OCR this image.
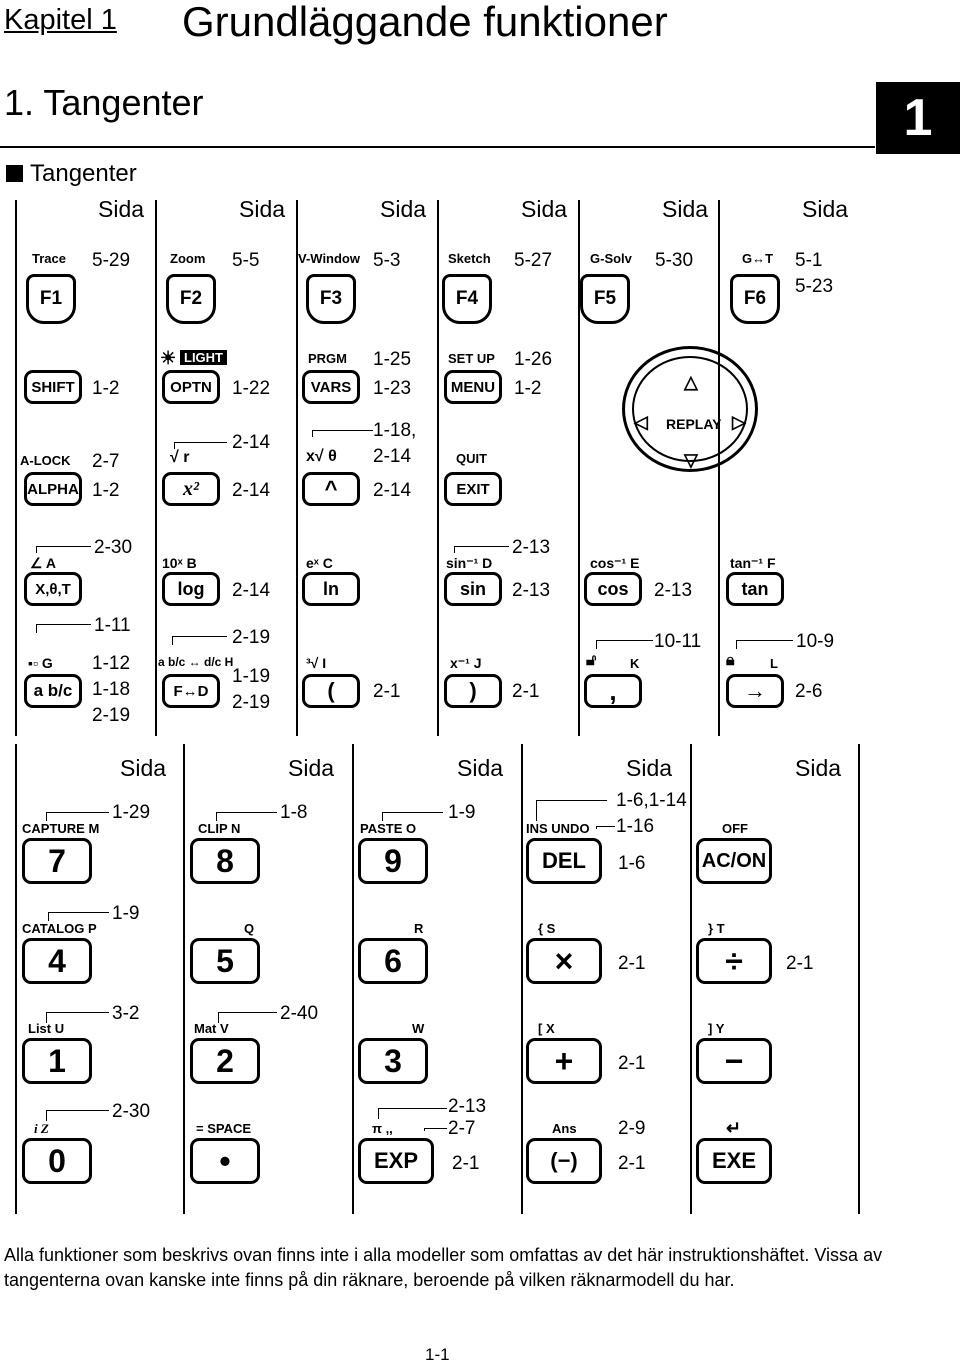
Kapitel 1 Grundläggande funktioner
1. Tangenter	1
Tangenter
Sida	Sida	Sida	Sida	Sida	Sida
Trace
F1
5-29	Zoom
F2
5-5	V-Window
F3
5-3	Sketch
F4
5-27	G-Solv
F5
5-30	G↔T
F6
5-1
5-23
SHIFT 1-2
☀ LIGHT
OPTN	1-22
PRGM 1-25
VARS	1-23
SET UP 1-26
MENU 1-2
REPLAY
△
▽
◁	▷
A-LOCK 2-7
ALPHA 1-2
√ r
2-14
x²	2-14
x√ θ
1-18,
2-14
^	2-14
QUIT
EXIT
∠ A
2-30
X,θ,T
10ˣ B
log	2-14
eˣ C
ln
sin⁻¹ D
2-13
sin	2-13
cos⁻¹ E
cos	2-13
tan⁻¹ F
tan
1-11
▪▫ G 1-12
a b/c	1-18
2-19
2-19
a b/c ↔ d/c H
F↔D
1-19
2-19
³√ I
(	2-1
x⁻¹ J
)	2-1
🔓︎	K
10-11
,
🔒︎	L
10-9
→	2-6
Sida	Sida	Sida	Sida	Sida
1-29
CAPTURE M
7
1-8
CLIP N
8
1-9
PASTE O
9
1-6,1-14
INS UNDO 1-16
DEL	1-6
OFF
AC/ON
1-9
CATALOG P
4
Q
5
R
6
{ S
×	2-1
} T
÷	2-1
3-2
List U
1
2-40
Mat V
2
W
3
[ X
+	2-1
] Y
−
2-30
i Z
0
= SPACE
•
2-13
π ,,	2-7
EXP	2-1
Ans 2-9
(−)	2-1
↵
EXE
Alla funktioner som beskrivs ovan finns inte i alla modeller som omfattas av det här instruktionshäftet. Vissa av tangenterna ovan kanske inte finns på din räknare, beroende på vilken räknarmodell du har.
1-1
